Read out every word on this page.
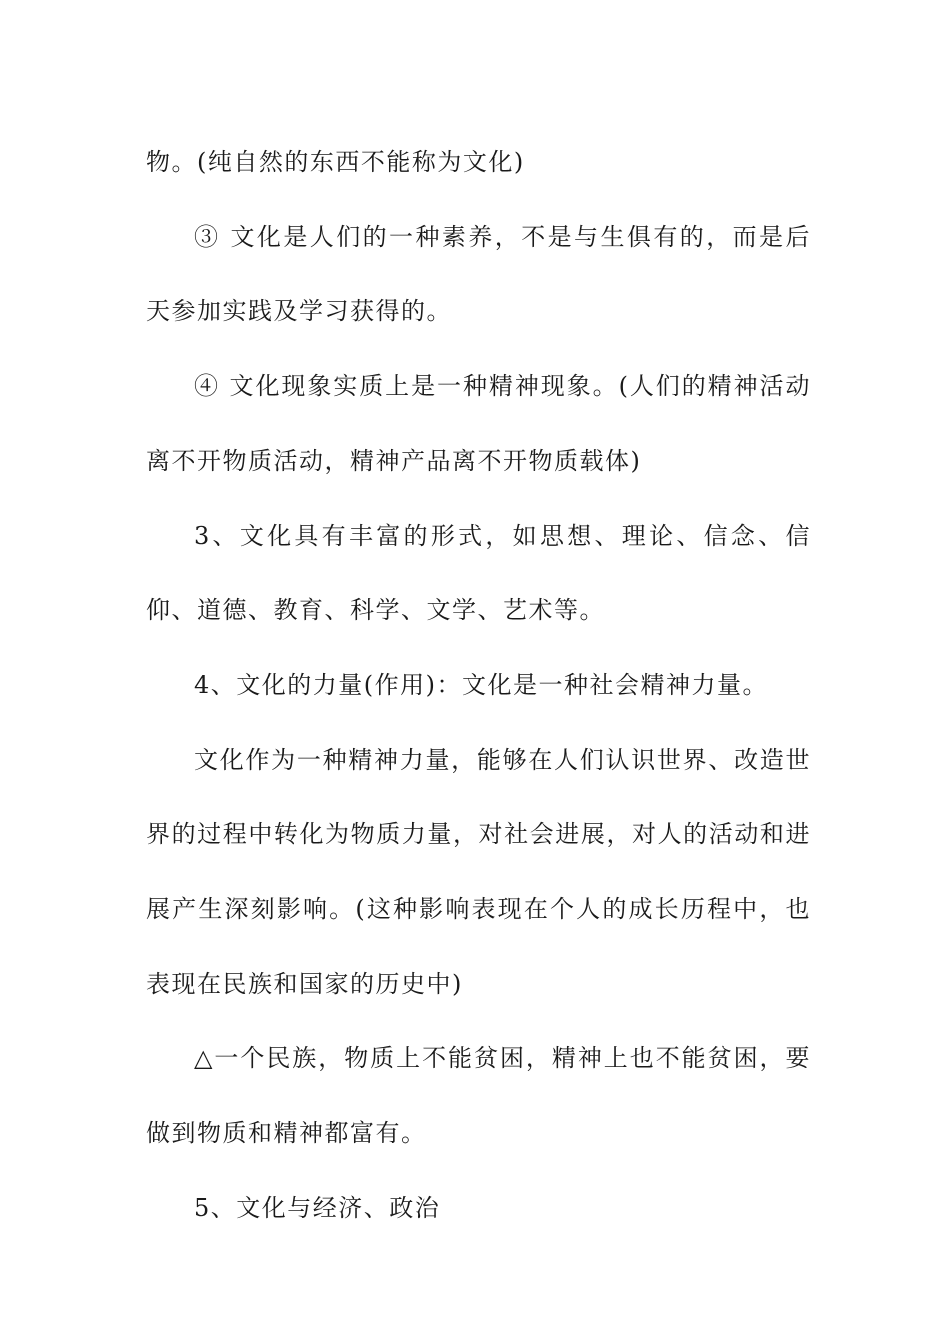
物。(纯自然的东西不能称为文化)

③ 文化是人们的一种素养，不是与生俱有的，而是后天参加实践及学习获得的。

④ 文化现象实质上是一种精神现象。(人们的精神活动离不开物质活动，精神产品离不开物质载体)

3、文化具有丰富的形式，如思想、理论、信念、信仰、道德、教育、科学、文学、艺术等。

4、文化的力量(作用)：文化是一种社会精神力量。

文化作为一种精神力量，能够在人们认识世界、改造世界的过程中转化为物质力量，对社会进展，对人的活动和进展产生深刻影响。(这种影响表现在个人的成长历程中，也表现在民族和国家的历史中)

△一个民族，物质上不能贫困，精神上也不能贫困，要做到物质和精神都富有。

5、文化与经济、政治
